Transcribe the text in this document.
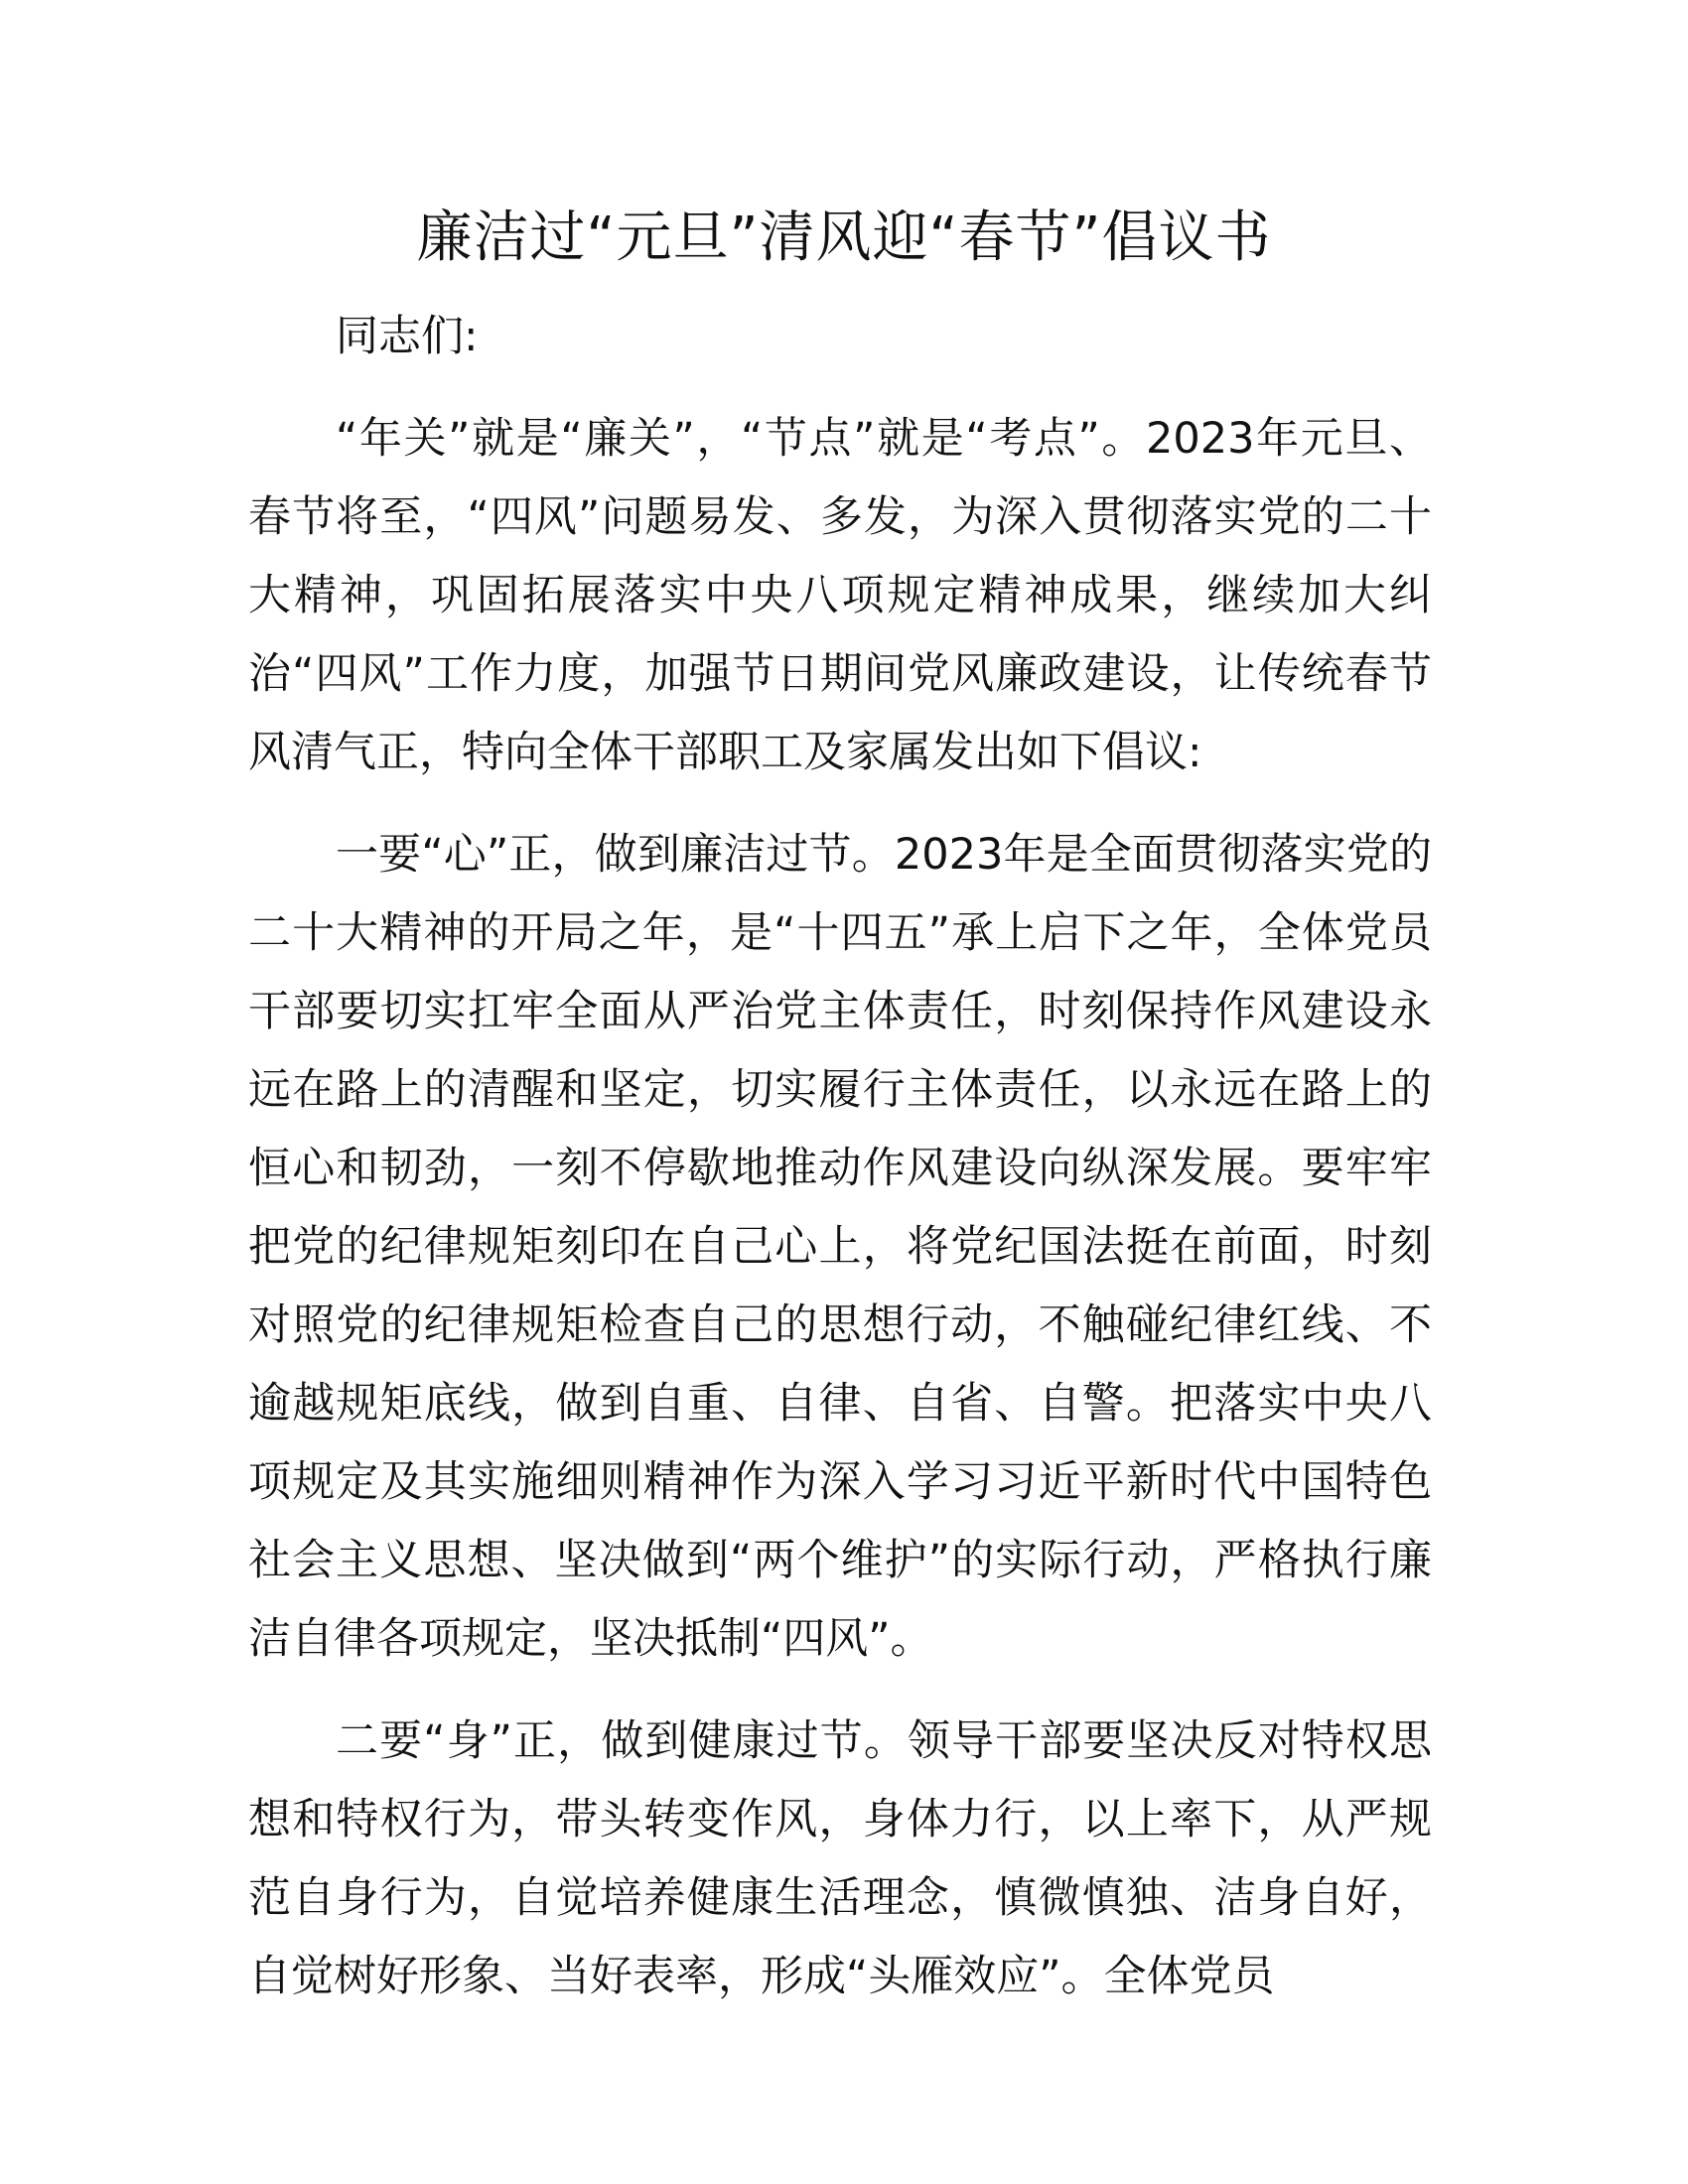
廉洁过“元旦”清风迎“春节”倡议书

同志们:

“年关”就是“廉关”，“节点”就是“考点”。2023年元旦、春节将至，“四风”问题易发、多发，为深入贯彻落实党的二十大精神，巩固拓展落实中央八项规定精神成果，继续加大纠治“四风”工作力度，加强节日期间党风廉政建设，让传统春节风清气正，特向全体干部职工及家属发出如下倡议:

一要“心”正，做到廉洁过节。2023年是全面贯彻落实党的二十大精神的开局之年，是“十四五”承上启下之年，全体党员干部要切实扛牢全面从严治党主体责任，时刻保持作风建设永远在路上的清醒和坚定，切实履行主体责任，以永远在路上的恒心和韧劲，一刻不停歇地推动作风建设向纵深发展。要牢牢把党的纪律规矩刻印在自己心上，将党纪国法挺在前面，时刻对照党的纪律规矩检查自己的思想行动，不触碰纪律红线、不逾越规矩底线，做到自重、自律、自省、自警。把落实中央八项规定及其实施细则精神作为深入学习习近平新时代中国特色社会主义思想、坚决做到“两个维护”的实际行动，严格执行廉洁自律各项规定，坚决抵制“四风”。

二要“身”正，做到健康过节。领导干部要坚决反对特权思想和特权行为，带头转变作风，身体力行，以上率下，从严规范自身行为，自觉培养健康生活理念，慎微慎独、洁身自好，自觉树好形象、当好表率，形成“头雁效应”。全体党员
